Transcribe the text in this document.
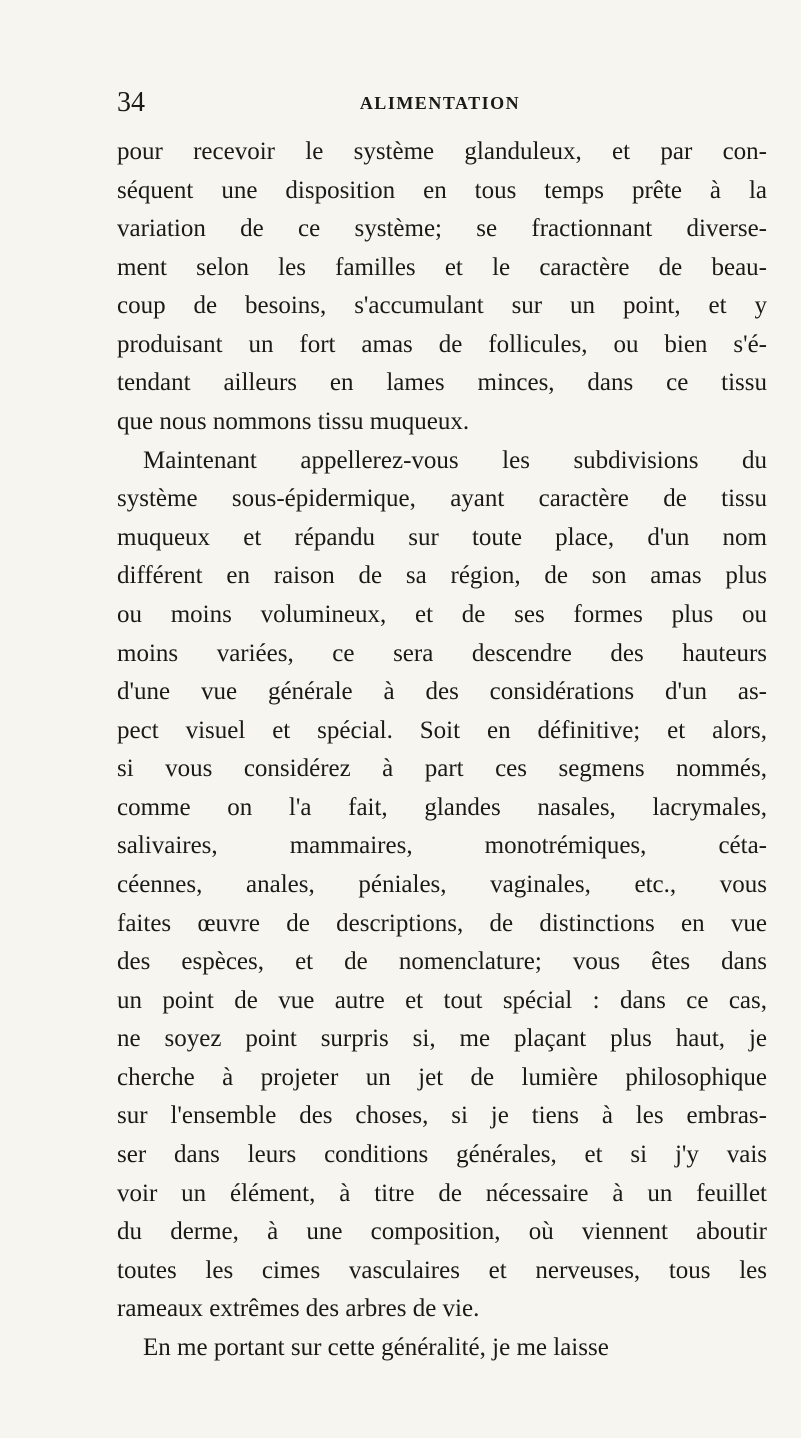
34	ALIMENTATION
pour recevoir le système glanduleux, et par con-
séquent une disposition en tous temps prête à la
variation de ce système; se fractionnant diverse-
ment selon les familles et le caractère de beau-
coup de besoins, s'accumulant sur un point, et y
produisant un fort amas de follicules, ou bien s'é-
tendant ailleurs en lames minces, dans ce tissu
que nous nommons tissu muqueux.
Maintenant appellerez-vous les subdivisions du
système sous-épidermique, ayant caractère de tissu
muqueux et répandu sur toute place, d'un nom
différent en raison de sa région, de son amas plus
ou moins volumineux, et de ses formes plus ou
moins variées, ce sera descendre des hauteurs
d'une vue générale à des considérations d'un as-
pect visuel et spécial. Soit en définitive; et alors,
si vous considérez à part ces segmens nommés,
comme on l'a fait, glandes nasales, lacrymales,
salivaires, mammaires, monotrémiques, céta-
céennes, anales, péniales, vaginales, etc., vous
faites œuvre de descriptions, de distinctions en vue
des espèces, et de nomenclature; vous êtes dans
un point de vue autre et tout spécial : dans ce cas,
ne soyez point surpris si, me plaçant plus haut, je
cherche à projeter un jet de lumière philosophique
sur l'ensemble des choses, si je tiens à les embras-
ser dans leurs conditions générales, et si j'y vais
voir un élément, à titre de nécessaire à un feuillet
du derme, à une composition, où viennent aboutir
toutes les cimes vasculaires et nerveuses, tous les
rameaux extrêmes des arbres de vie.
En me portant sur cette généralité, je me laisse
